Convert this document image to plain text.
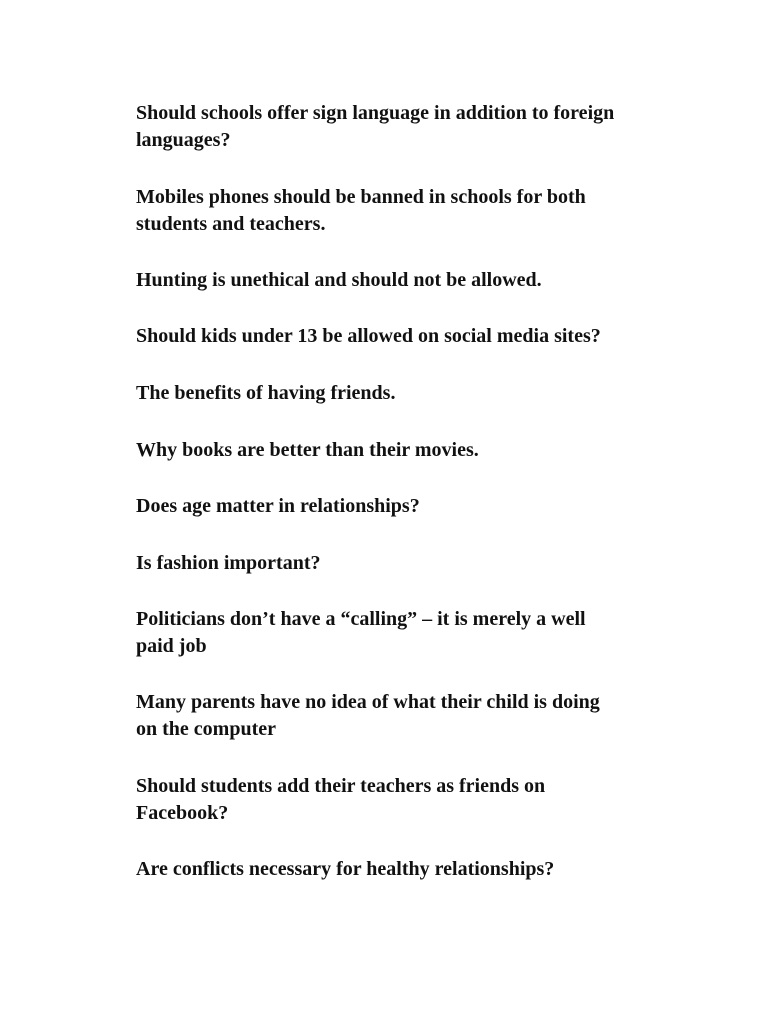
Should schools offer sign language in addition to foreign
languages?

Mobiles phones should be banned in schools for both
students and teachers.

Hunting is unethical and should not be allowed.

Should kids under 13 be allowed on social media sites?

The benefits of having friends.

Why books are better than their movies.

Does age matter in relationships?

Is fashion important?

Politicians don’t have a “calling” – it is merely a well
paid job

Many parents have no idea of what their child is doing
on the computer

Should students add their teachers as friends on
Facebook?

Are conflicts necessary for healthy relationships?
